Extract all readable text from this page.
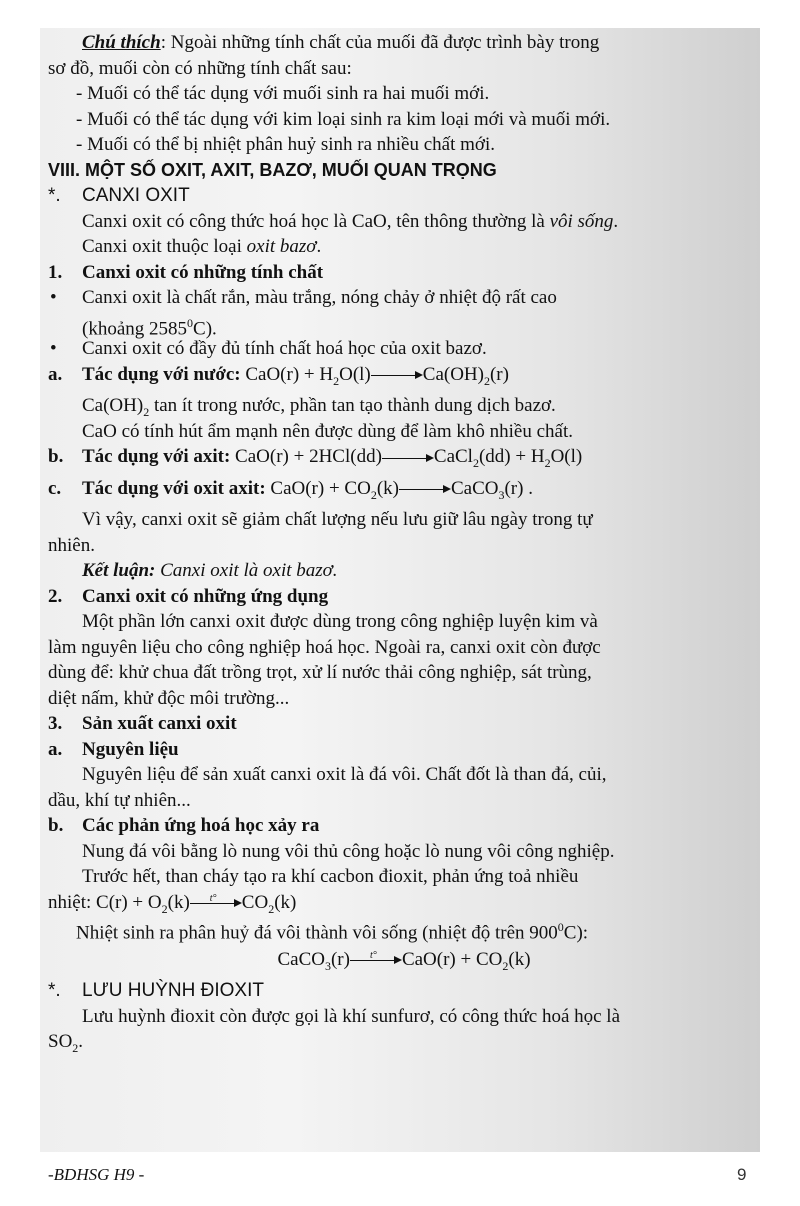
Chú thích: Ngoài những tính chất của muối đã được trình bày trong
sơ đồ, muối còn có những tính chất sau:
- Muối có thể tác dụng với muối sinh ra hai muối mới.
- Muối có thể tác dụng với kim loại sinh ra kim loại mới và muối mới.
- Muối có thể bị nhiệt phân huỷ sinh ra nhiều chất mới.
VIII. MỘT SỐ OXIT, AXIT, BAZƠ, MUỐI QUAN TRỌNG
*.	CANXI OXIT
Canxi oxit có công thức hoá học là CaO, tên thông thường là vôi sống.
Canxi oxit thuộc loại oxit bazơ.
1.	Canxi oxit có những tính chất
•	Canxi oxit là chất rắn, màu trắng, nóng chảy ở nhiệt độ rất cao
(khoảng 2585$^0$C).
•	Canxi oxit có đầy đủ tính chất hoá học của oxit bazơ.
a.	Tác dụng với nước: $CaO(r) + H_2O(l)$	$Ca(OH)_2(r)$
$Ca(OH)_2$ tan ít trong nước, phần tan tạo thành dung dịch bazơ.
CaO có tính hút ẩm mạnh nên được dùng để làm khô nhiều chất.
b. Tác dụng với axit: CaO(r) + 2HCl(dd)	CaCl$_2$(dd) + $H_2O(l)$
c.	Tác dụng với oxit axit: $CaO(r) + CO_2(k)$	CaCO$_3$(r) .
Vì vậy, canxi oxit sẽ giảm chất lượng nếu lưu giữ lâu ngày trong tự
nhiên.
Kết luận: Canxi oxit là oxit bazơ.
2.	Canxi oxit có những ứng dụng
Một phần lớn canxi oxit được dùng trong công nghiệp luyện kim và
làm nguyên liệu cho công nghiệp hoá học. Ngoài ra, canxi oxit còn được
dùng để: khử chua đất trồng trọt, xử lí nước thải công nghiệp, sát trùng,
diệt nấm, khử độc môi trường...
3.	Sản xuất canxi oxit
a.	Nguyên liệu
Nguyên liệu để sản xuất canxi oxit là đá vôi. Chất đốt là than đá, củi,
dầu, khí tự nhiên...
b. Các phản ứng hoá học xảy ra
Nung đá vôi bằng lò nung vôi thủ công hoặc lò nung vôi công nghiệp.
Trước hết, than cháy tạo ra khí cacbon đioxit, phản ứng toả nhiều
nhiệt: $C(r) + O_2(k)$ t° $CO_2(k)$
Nhiệt sinh ra phân huỷ đá vôi thành vôi sống (nhiệt độ trên $900^0C$):
CaCO$_3$(r) t° $CaO(r) + CO_2(k)$
*.	LƯU HUỲNH ĐIOXIT
Lưu huỳnh đioxit còn được gọi là khí sunfurơ, có công thức hoá học là
$SO_2$.
-BDHSG H9 -	9
